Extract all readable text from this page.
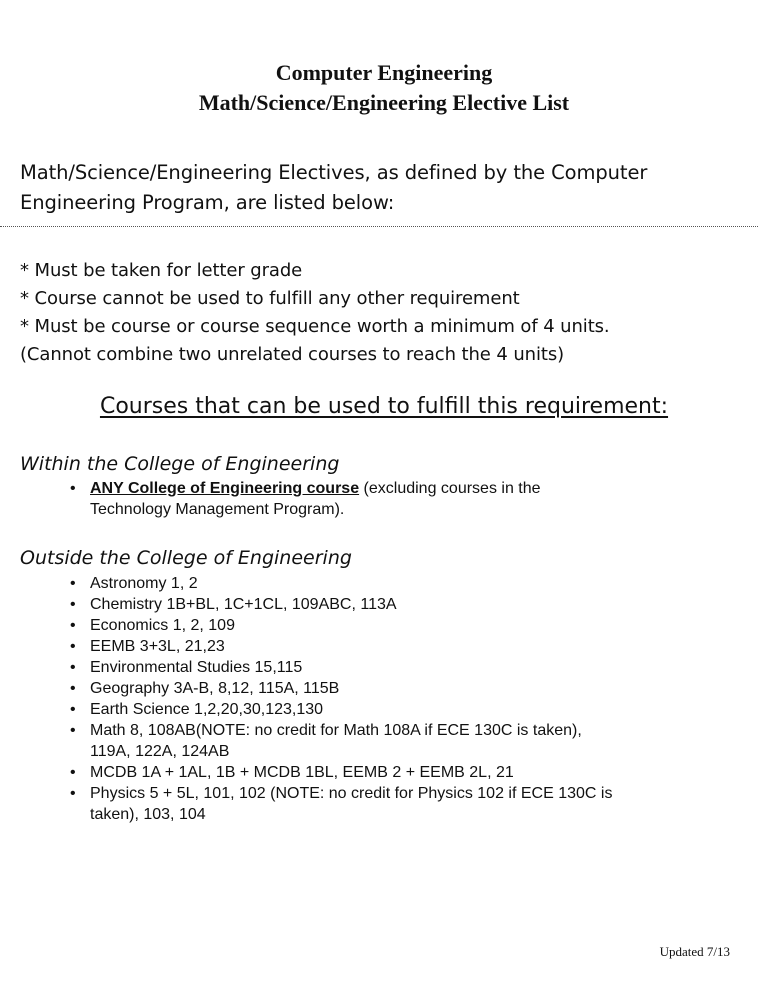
Computer Engineering
Math/Science/Engineering Elective List
Math/Science/Engineering Electives, as defined by the Computer
Engineering Program, are listed below:
* Must be taken for letter grade
* Course cannot be used to fulfill any other requirement
* Must be course or course sequence worth a minimum of 4 units.
(Cannot combine two unrelated courses to reach the 4 units)
Courses that can be used to fulfill this requirement:
Within the College of Engineering
• ANY College of Engineering course (excluding courses in the
Technology Management Program).
Outside the College of Engineering
• Astronomy 1, 2
• Chemistry 1B+BL, 1C+1CL, 109ABC, 113A
• Economics 1, 2, 109
• EEMB 3+3L, 21,23
• Environmental Studies 15,115
• Geography 3A-B, 8,12, 115A, 115B
• Earth Science 1,2,20,30,123,130
• Math 8, 108AB(NOTE: no credit for Math 108A if ECE 130C is taken),
119A, 122A, 124AB
• MCDB 1A + 1AL, 1B + MCDB 1BL, EEMB 2 + EEMB 2L, 21
• Physics 5 + 5L, 101, 102 (NOTE: no credit for Physics 102 if ECE 130C is
taken), 103, 104
Updated 7/13
